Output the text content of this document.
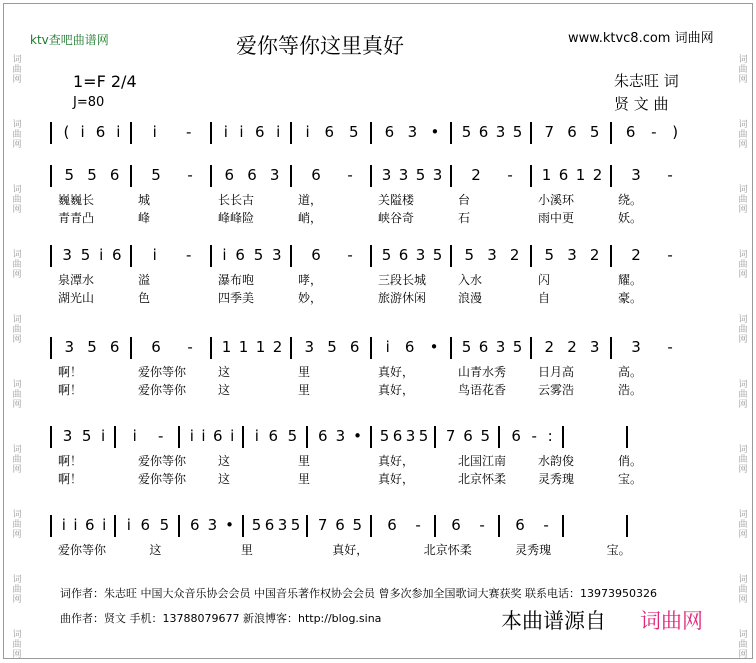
词
曲
网
词
曲
网
词
曲
网
词
曲
网
词
曲
网
词
曲
网
词
曲
网
词
曲
网
词
曲
网
词
曲
网
词
曲
网
词
曲
网
词
曲
网
词
曲
网
词
曲
网
词
曲
网
词
曲
网
词
曲
网
词
曲
网
词
曲
网
ktv查吧曲谱网	www.ktvc8.com 词曲网
爱你等你这里真好
1=F 2/4
J=80
朱志旺 词
贤 文 曲
( i 6 i i - i i 6 i i 6 5 6 3 • 5 6 3 5 7 6 5 6 - )
5 5 6 5 - 6 6 3 6 - 3 3 5 3 2 - 1 6 1 2 3 -
巍巍长	城	长长古	道，	关隘楼	台	小溪环	绕。
青青凸	峰	峰峰险	峭，	峡谷奇	石	雨中更	妖。
3 5 i 6 i - i 6 5 3 6 - 5 6 3 5 5 3 2 5 3 2 2 -
泉潭水	溢	瀑布咆	哮，	三段长城	入水	闪	耀。
湖光山	色	四季美	妙，	旅游休闲	浪漫	自	豪。
3 5 6 6 - 1 1 1 2 3 5 6 i 6 • 5 6 3 5 2 2 3 3 -
啊！	爱你等你	这	里	真好，	山青水秀	日月高	高。
啊！	爱你等你	这	里	真好，	鸟语花香	云雾浩	浩。
3 5 i i - i i 6 i i 6 5 6 3 • 5 6 3 5 7 6 5 6 - :
啊！	爱你等你	这	里	真好，	北国江南	水韵俊	俏。
啊！	爱你等你	这	里	真好，	北京怀柔	灵秀瑰	宝。
i i 6 i i 6 5 6 3 • 5 6 3 5 7 6 5 6 - 6 - 6 -
爱你等你	这	里	真好，	北京怀柔	灵秀瑰	宝。
词作者：朱志旺 中国大众音乐协会会员 中国音乐著作权协会会员 曾多次参加全国歌词大赛获奖 联系电话：13973950326
曲作者：贤文 手机：13788079677 新浪博客：http://blog.sina	本曲谱源自 词曲网
